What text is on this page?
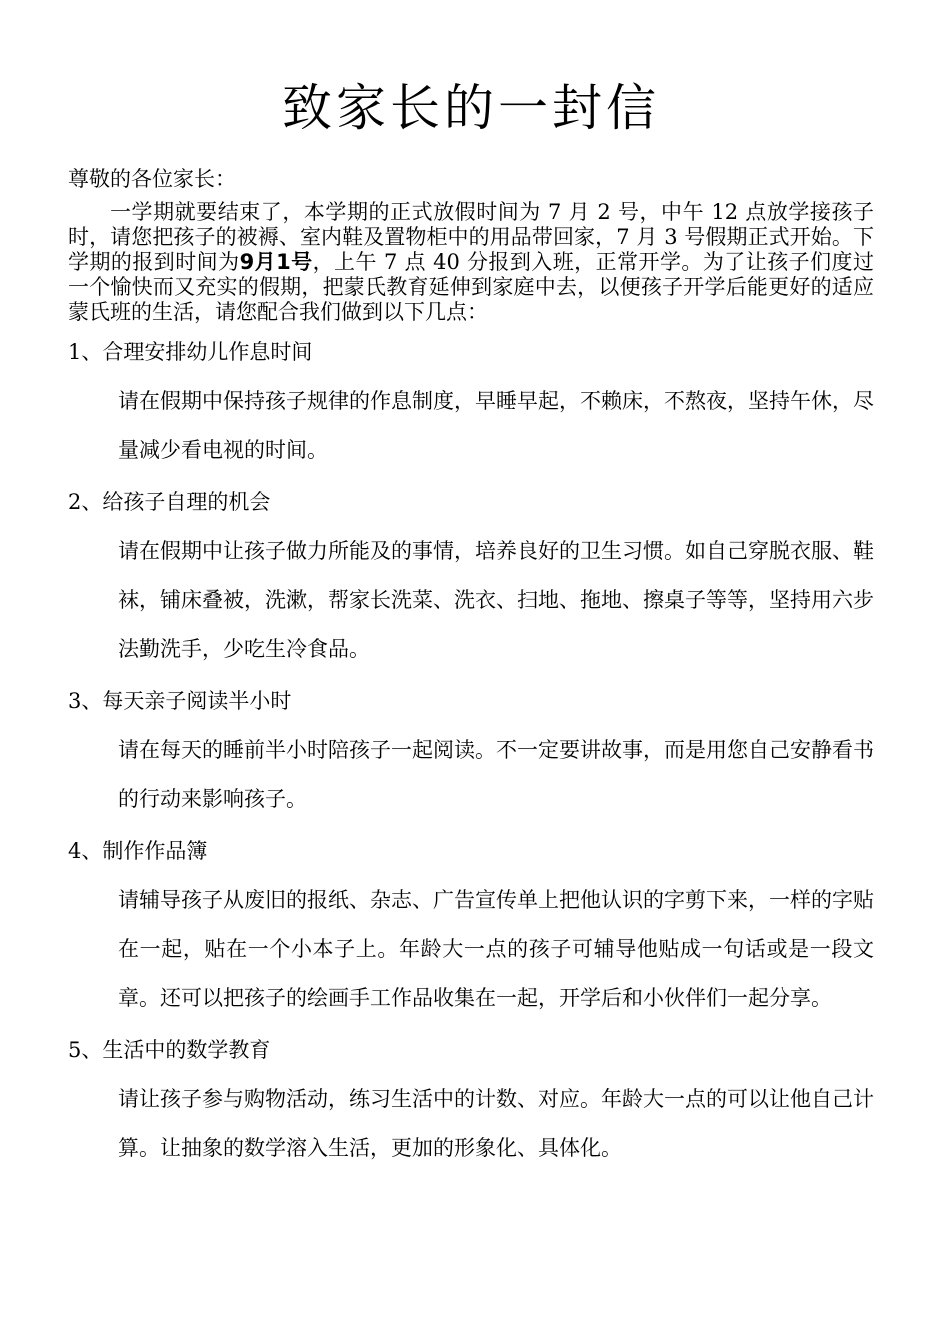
致家长的一封信

尊敬的各位家长：

一学期就要结束了，本学期的正式放假时间为 7 月 2 号，中午 12 点放学接孩子时，请您把孩子的被褥、室内鞋及置物柜中的用品带回家，7 月 3 号假期正式开始。下学期的报到时间为9月1号，上午 7 点 40 分报到入班，正常开学。为了让孩子们度过一个愉快而又充实的假期，把蒙氏教育延伸到家庭中去，以便孩子开学后能更好的适应蒙氏班的生活，请您配合我们做到以下几点：

1、合理安排幼儿作息时间

请在假期中保持孩子规律的作息制度，早睡早起，不赖床，不熬夜，坚持午休，尽量减少看电视的时间。

2、给孩子自理的机会

请在假期中让孩子做力所能及的事情，培养良好的卫生习惯。如自己穿脱衣服、鞋袜，铺床叠被，洗漱，帮家长洗菜、洗衣、扫地、拖地、擦桌子等等，坚持用六步法勤洗手，少吃生冷食品。

3、每天亲子阅读半小时

请在每天的睡前半小时陪孩子一起阅读。不一定要讲故事，而是用您自己安静看书的行动来影响孩子。

4、制作作品簿

请辅导孩子从废旧的报纸、杂志、广告宣传单上把他认识的字剪下来，一样的字贴在一起，贴在一个小本子上。年龄大一点的孩子可辅导他贴成一句话或是一段文章。还可以把孩子的绘画手工作品收集在一起，开学后和小伙伴们一起分享。

5、生活中的数学教育

请让孩子参与购物活动，练习生活中的计数、对应。年龄大一点的可以让他自己计算。让抽象的数学溶入生活，更加的形象化、具体化。
